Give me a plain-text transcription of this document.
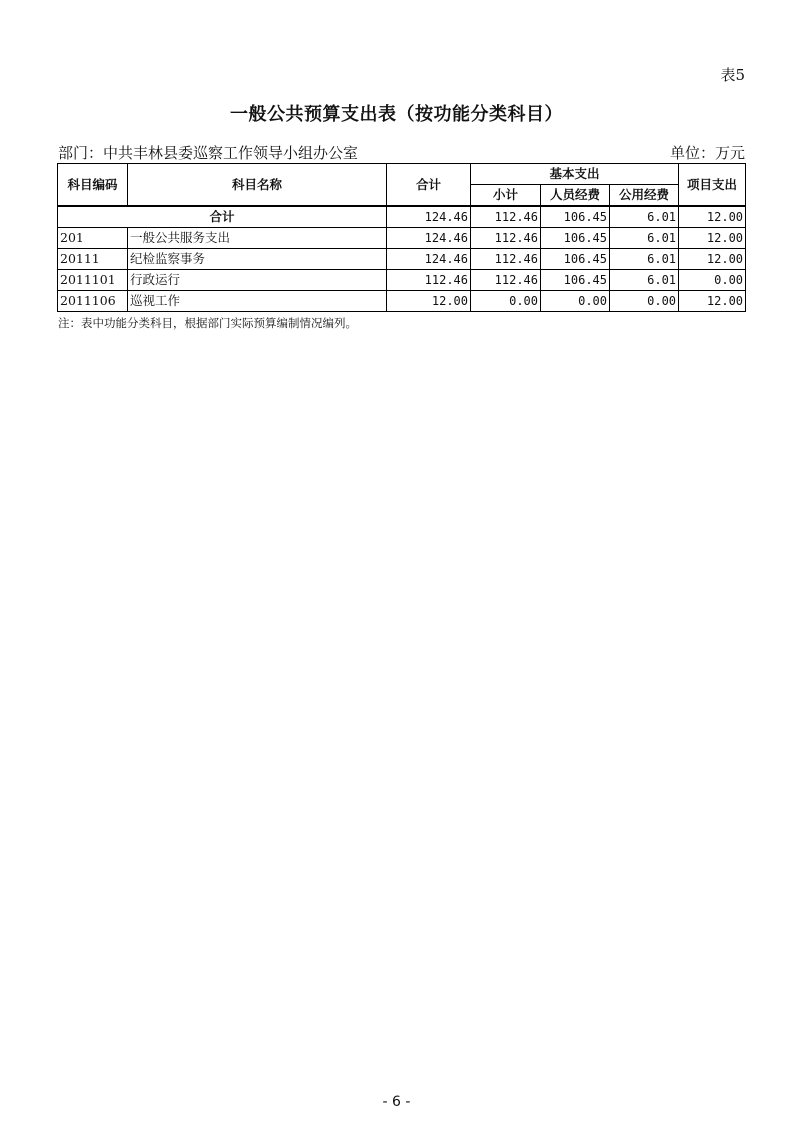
表5
一般公共预算支出表（按功能分类科目）
部门：中共丰林县委巡察工作领导小组办公室	单位：万元
科目编码	科目名称	合计	基本支出			项目支出
			小计	人员经费	公用经费	
合计		124.46	112.46	106.45	6.01	12.00
201	一般公共服务支出	124.46	112.46	106.45	6.01	12.00
20111	纪检监察事务	124.46	112.46	106.45	6.01	12.00
2011101	行政运行	112.46	112.46	106.45	6.01	0.00
2011106	巡视工作	12.00	0.00	0.00	0.00	12.00
注：表中功能分类科目，根据部门实际预算编制情况编列。
- 6 -
